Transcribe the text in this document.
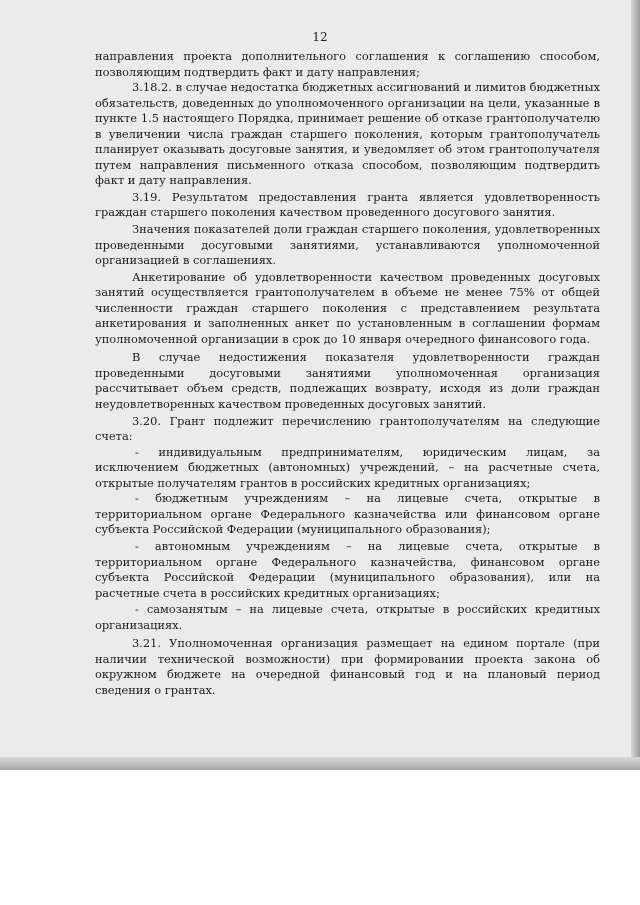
12

направления проекта дополнительного соглашения к соглашению способом, позволяющим подтвердить факт и дату направления;

3.18.2. в случае недостатка бюджетных ассигнований и лимитов бюджетных обязательств, доведенных до уполномоченного организации на цели, указанные в пункте 1.5 настоящего Порядка, принимает решение об отказе грантополучателю в увеличении числа граждан старшего поколения, которым грантополучатель планирует оказывать досуговые занятия, и уведомляет об этом грантополучателя путем направления письменного отказа способом, позволяющим подтвердить факт и дату направления.

3.19. Результатом предоставления гранта является удовлетворенность граждан старшего поколения качеством проведенного досугового занятия.

Значения показателей доли граждан старшего поколения, удовлетворенных проведенными досуговыми занятиями, устанавливаются уполномоченной организацией в соглашениях.

Анкетирование об удовлетворенности качеством проведенных досуговых занятий осуществляется грантополучателем в объеме не менее 75% от общей численности граждан старшего поколения с представлением результата анкетирования и заполненных анкет по установленным в соглашении формам уполномоченной организации в срок до 10 января очередного финансового года.

В случае недостижения показателя удовлетворенности граждан проведенными досуговыми занятиями уполномоченная организация рассчитывает объем средств, подлежащих возврату, исходя из доли граждан неудовлетворенных качеством проведенных досуговых занятий.

3.20. Грант подлежит перечислению грантополучателям на следующие счета:

- индивидуальным предпринимателям, юридическим лицам, за исключением бюджетных (автономных) учреждений, – на расчетные счета, открытые получателям грантов в российских кредитных организациях;

- бюджетным учреждениям – на лицевые счета, открытые в территориальном органе Федерального казначейства или финансовом органе субъекта Российской Федерации (муниципального образования);

- автономным учреждениям – на лицевые счета, открытые в территориальном органе Федерального казначейства, финансовом органе субъекта Российской Федерации (муниципального образования), или на расчетные счета в российских кредитных организациях;

- самозанятым – на лицевые счета, открытые в российских кредитных организациях.

3.21. Уполномоченная организация размещает на едином портале (при наличии технической возможности) при формировании проекта закона об окружном бюджете на очередной финансовый год и на плановый период сведения о грантах.
